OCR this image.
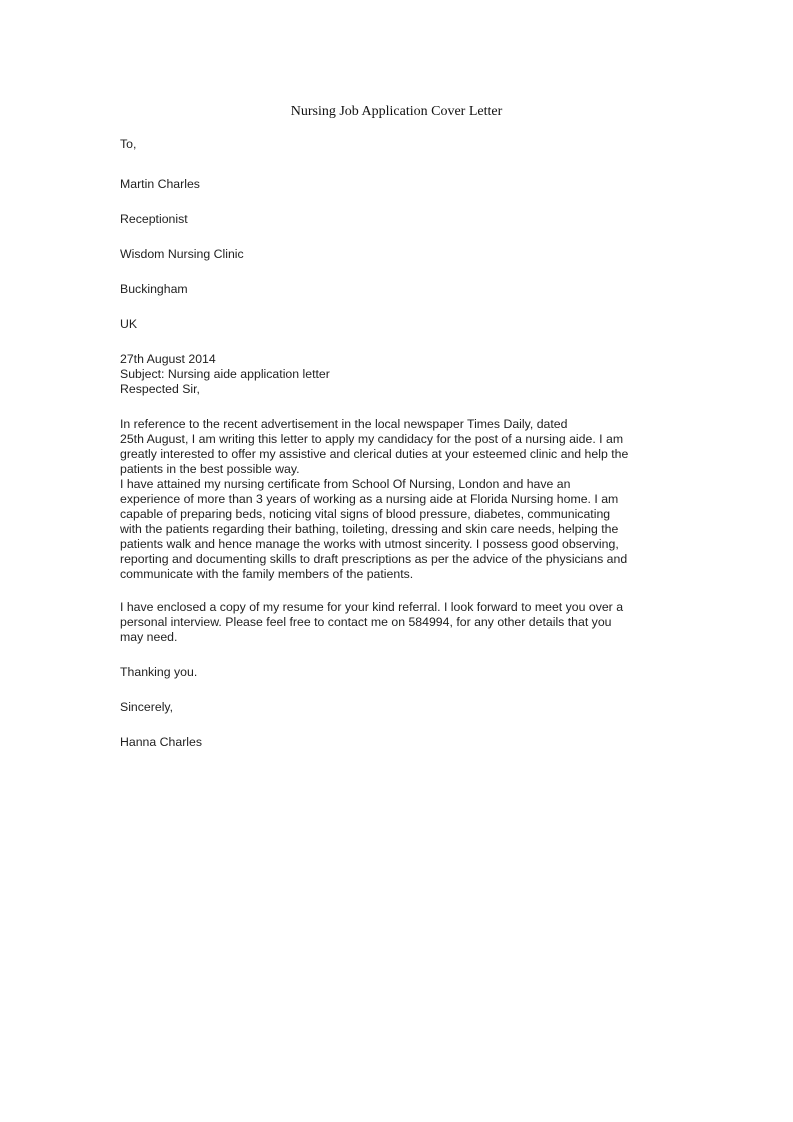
Nursing Job Application Cover Letter
To,
Martin Charles
Receptionist
Wisdom Nursing Clinic
Buckingham
UK
27th August 2014
Subject: Nursing aide application letter
Respected Sir,
In reference to the recent advertisement in the local newspaper Times Daily, dated
25th August, I am writing this letter to apply my candidacy for the post of a nursing aide. I am
greatly interested to offer my assistive and clerical duties at your esteemed clinic and help the
patients in the best possible way.
I have attained my nursing certificate from School Of Nursing, London and have an
experience of more than 3 years of working as a nursing aide at Florida Nursing home. I am
capable of preparing beds, noticing vital signs of blood pressure, diabetes, communicating
with the patients regarding their bathing, toileting, dressing and skin care needs, helping the
patients walk and hence manage the works with utmost sincerity. I possess good observing,
reporting and documenting skills to draft prescriptions as per the advice of the physicians and
communicate with the family members of the patients.
I have enclosed a copy of my resume for your kind referral. I look forward to meet you over a
personal interview. Please feel free to contact me on 584994, for any other details that you
may need.
Thanking you.
Sincerely,
Hanna Charles
